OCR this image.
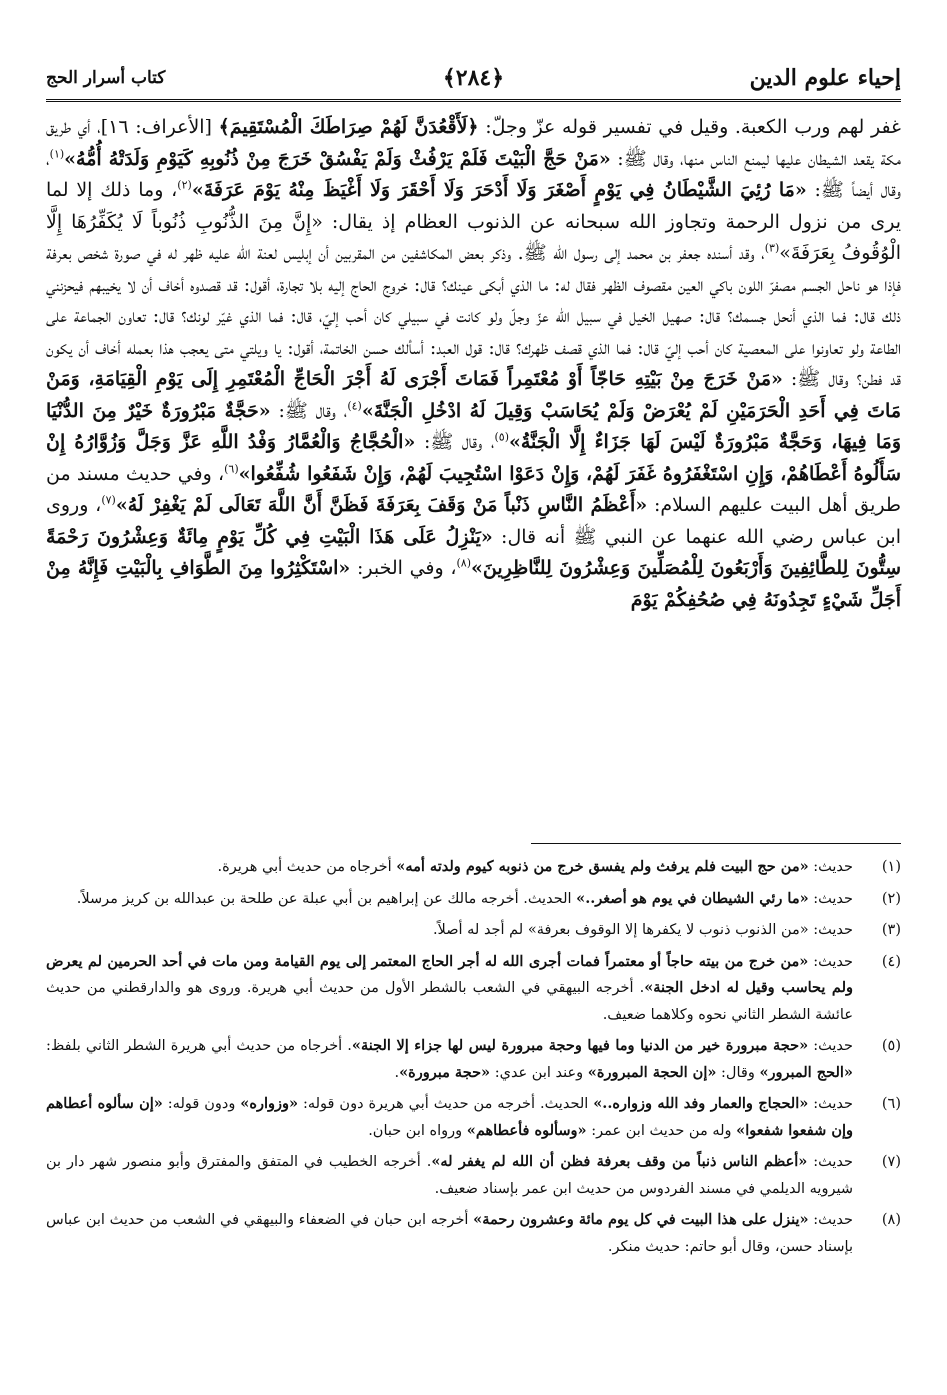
إحياء علوم الدين
﴿٢٨٤﴾
كتاب أسرار الحج
غفر لهم ورب الكعبة. وقيل في تفسير قوله عزّ وجلّ: ﴿لَأَقْعُدَنَّ لَهُمْ صِرَاطَكَ الْمُسْتَقِيمَ﴾ [الأعراف: ١٦]، أي طريق مكة يقعد الشيطان عليها ليمنع الناس منها، وقال ﷺ: «مَنْ حَجَّ الْبَيْتَ فَلَمْ يَرْفُثْ وَلَمْ يَفْسُقْ خَرَجَ مِنْ ذُنُوبِهِ كَيَوْمِ وَلَدَتْهُ أُمُّهُ»$^{(١)}$، وقال أيضاً ﷺ: «مَا رُئِيَ الشَّيْطَانُ فِي يَوْمٍ أَصْغَرَ وَلَا أَدْحَرَ وَلَا أَحْقَرَ وَلَا أَغْيَظَ مِنْهُ يَوْمَ عَرَفَةَ»$^{(٢)}$، وما ذلك إلا لما يرى من نزول الرحمة وتجاوز الله سبحانه عن الذنوب العظام إذ يقال: «إِنَّ مِنَ الذُّنُوبِ ذُنُوباً لَا يُكَفِّرُهَا إِلَّا الْوُقُوفُ بِعَرَفَةَ»$^{(٣)}$، وقد أسنده جعفر بن محمد إلى رسول الله ﷺ. وذكر بعض المكاشفين من المقربين أن إبليس لعنة الله عليه ظهر له في صورة شخص بعرفة فإذا هو ناحل الجسم مصفرّ اللون باكي العين مقصوف الظهر فقال له: ما الذي أبكى عينك؟ قال: خروج الحاج إليه بلا تجارة، أقول: قد قصدوه أخاف أن لا يخيبهم فيحزنني ذلك قال: فما الذي أنحل جسمك؟ قال: صهيل الخيل في سبيل الله عزّ وجلّ ولو كانت في سبيلي كان أحب إليّ، قال: فما الذي غيّر لونك؟ قال: تعاون الجماعة على الطاعة ولو تعاونوا على المعصية كان أحب إليّ قال: فما الذي قصف ظهرك؟ قال: قول العبد: أسألك حسن الخاتمة، أقول: يا ويلتي متى يعجب هذا بعمله أخاف أن يكون قد فطن؟ وقال ﷺ: «مَنْ خَرَجَ مِنْ بَيْتِهِ حَاجّاً أَوْ مُعْتَمِراً فَمَاتَ أَجْرَى لَهُ أَجْرَ الْحَاجِّ الْمُعْتَمِرِ إِلَى يَوْمِ الْقِيَامَةِ، وَمَنْ مَاتَ فِي أَحَدِ الْحَرَمَيْنِ لَمْ يُعْرَضْ وَلَمْ يُحَاسَبْ وَقِيلَ لَهُ ادْخُلِ الْجَنَّةَ»$^{(٤)}$، وقال ﷺ: «حَجَّةٌ مَبْرُورَةٌ خَيْرٌ مِنَ الدُّنْيَا وَمَا فِيهَا، وَحَجَّةٌ مَبْرُورَةٌ لَيْسَ لَهَا جَزَاءٌ إِلَّا الْجَنَّةُ»$^{(٥)}$، وقال ﷺ: «الْحُجَّاجُ وَالْعُمَّارُ وَفْدُ اللَّهِ عَزَّ وَجَلَّ وَزُوَّارُهُ إِنْ سَأَلُوهُ أَعْطَاهُمْ، وَإِنِ اسْتَغْفَرُوهُ غَفَرَ لَهُمْ، وَإِنْ دَعَوْا اسْتُجِيبَ لَهُمْ، وَإِنْ شَفَعُوا شُفِّعُوا»$^{(٦)}$، وفي حديث مسند من طريق أهل البيت عليهم السلام: «أَعْظَمُ النَّاسِ ذَنْباً مَنْ وَقَفَ بِعَرَفَةَ فَظَنَّ أَنَّ اللَّهَ تَعَالَى لَمْ يَغْفِرْ لَهُ»$^{(٧)}$، وروى ابن عباس رضي الله عنهما عن النبي ﷺ أنه قال: «يَنْزِلُ عَلَى هَذَا الْبَيْتِ فِي كُلِّ يَوْمٍ مِائَةٌ وَعِشْرُونَ رَحْمَةً سِتُّونَ لِلطَّائِفِينَ وَأَرْبَعُونَ لِلْمُصَلِّينَ وَعِشْرُونَ لِلنَّاظِرِينَ»$^{(٨)}$، وفي الخبر: «اسْتَكْثِرُوا مِنَ الطَّوَافِ بِالْبَيْتِ فَإِنَّهُ مِنْ أَجَلِّ شَيْءٍ تَجِدُونَهُ فِي صُحُفِكُمْ يَوْمَ
(١)
حديث: «من حج البيت فلم يرفث ولم يفسق خرج من ذنوبه كيوم ولدته أمه» أخرجاه من حديث أبي هريرة.
(٢)
حديث: «ما رئي الشيطان في يوم هو أصغر..» الحديث. أخرجه مالك عن إبراهيم بن أبي عبلة عن طلحة بن عبدالله بن كريز مرسلاً.
(٣)
حديث: «من الذنوب ذنوب لا يكفرها إلا الوقوف بعرفة» لم أجد له أصلاً.
(٤)
حديث: «من خرج من بيته حاجاً أو معتمراً فمات أجرى الله له أجر الحاج المعتمر إلى يوم القيامة ومن مات في أحد الحرمين لم يعرض ولم يحاسب وقيل له ادخل الجنة». أخرجه البيهقي في الشعب بالشطر الأول من حديث أبي هريرة. وروى هو والدارقطني من حديث عائشة الشطر الثاني نحوه وكلاهما ضعيف.
(٥)
حديث: «حجة مبرورة خير من الدنيا وما فيها وحجة مبرورة ليس لها جزاء إلا الجنة». أخرجاه من حديث أبي هريرة الشطر الثاني بلفظ: «الحج المبرور» وقال: «إن الحجة المبرورة» وعند ابن عدي: «حجة مبرورة».
(٦)
حديث: «الحجاج والعمار وفد الله وزواره..» الحديث. أخرجه من حديث أبي هريرة دون قوله: «وزواره» ودون قوله: «إن سألوه أعطاهم وإن شفعوا شفعوا» وله من حديث ابن عمر: «وسألوه فأعطاهم» ورواه ابن حبان.
(٧)
حديث: «أعظم الناس ذنباً من وقف بعرفة فظن أن الله لم يغفر له». أخرجه الخطيب في المتفق والمفترق وأبو منصور شهر دار بن شيرويه الديلمي في مسند الفردوس من حديث ابن عمر بإسناد ضعيف.
(٨)
حديث: «ينزل على هذا البيت في كل يوم مائة وعشرون رحمة» أخرجه ابن حبان في الضعفاء والبيهقي في الشعب من حديث ابن عباس بإسناد حسن، وقال أبو حاتم: حديث منكر.
